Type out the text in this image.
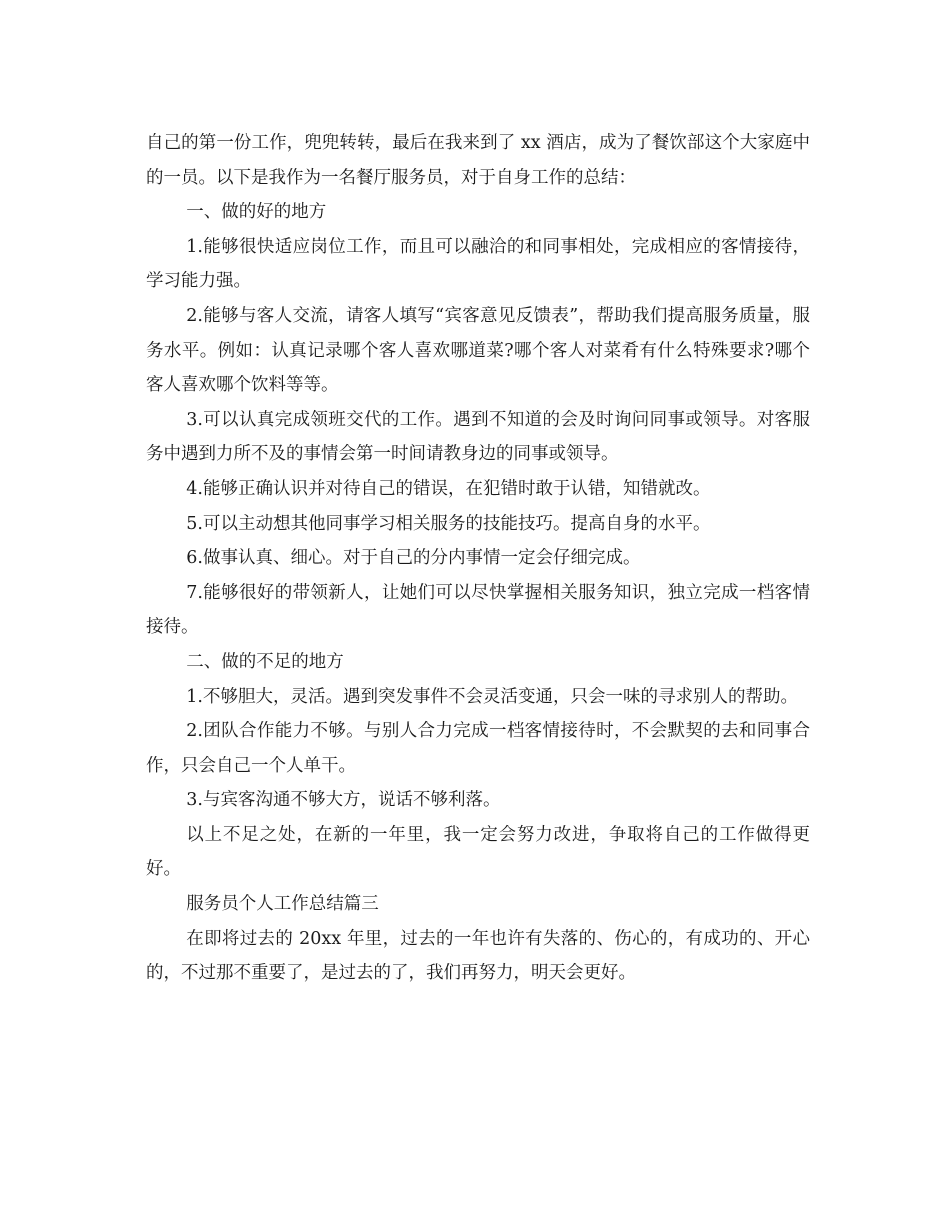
自己的第一份工作，兜兜转转，最后在我来到了 xx 酒店，成为了餐饮部这个大家庭中的一员。以下是我作为一名餐厅服务员，对于自身工作的总结：

一、做的好的地方

1.能够很快适应岗位工作，而且可以融洽的和同事相处，完成相应的客情接待，学习能力强。

2.能够与客人交流，请客人填写“宾客意见反馈表”，帮助我们提高服务质量，服务水平。例如：认真记录哪个客人喜欢哪道菜?哪个客人对菜肴有什么特殊要求?哪个客人喜欢哪个饮料等等。

3.可以认真完成领班交代的工作。遇到不知道的会及时询问同事或领导。对客服务中遇到力所不及的事情会第一时间请教身边的同事或领导。

4.能够正确认识并对待自己的错误，在犯错时敢于认错，知错就改。

5.可以主动想其他同事学习相关服务的技能技巧。提高自身的水平。

6.做事认真、细心。对于自己的分内事情一定会仔细完成。

7.能够很好的带领新人，让她们可以尽快掌握相关服务知识，独立完成一档客情接待。

二、做的不足的地方

1.不够胆大，灵活。遇到突发事件不会灵活变通，只会一味的寻求别人的帮助。

2.团队合作能力不够。与别人合力完成一档客情接待时，不会默契的去和同事合作，只会自己一个人单干。

3.与宾客沟通不够大方，说话不够利落。

以上不足之处，在新的一年里，我一定会努力改进，争取将自己的工作做得更好。

服务员个人工作总结篇三

在即将过去的 20xx 年里，过去的一年也许有失落的、伤心的，有成功的、开心的，不过那不重要了，是过去的了，我们再努力，明天会更好。
